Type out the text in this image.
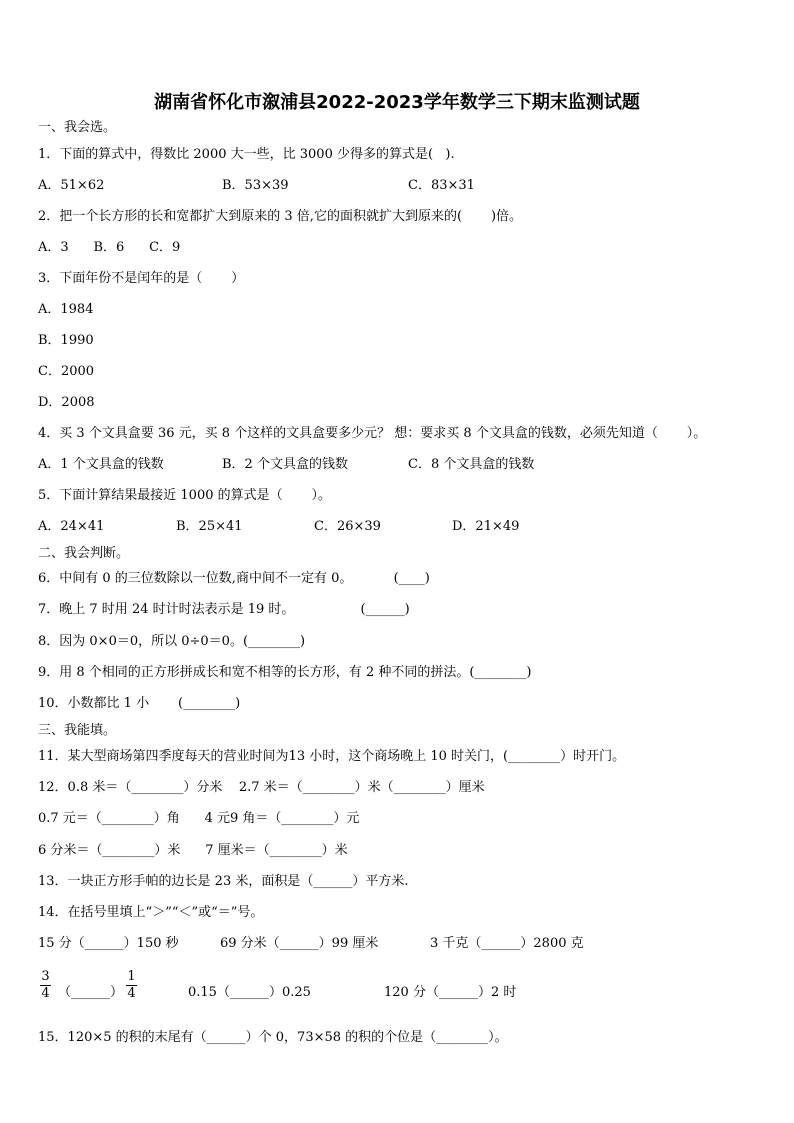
湖南省怀化市溆浦县2022-2023学年数学三下期末监测试题
一、我会选。
1．下面的算式中，得数比 2000 大一些，比 3000 少得多的算式是(   ).
A．51×62	B．53×39	C．83×31
2．把一个长方形的长和宽都扩大到原来的 3 倍,它的面积就扩大到原来的(       )倍。
A．3      B．6      C．9
3．下面年份不是闰年的是（       ）
A．1984
B．1990
C．2000
D．2008
4．买 3 个文具盒要 36 元，买 8 个这样的文具盒要多少元？ 想：要求买 8 个文具盒的钱数，必须先知道（       ）。
A．1 个文具盒的钱数	B．2 个文具盒的钱数	C．8 个文具盒的钱数
5．下面计算结果最接近 1000 的算式是（       ）。
A．24×41	B．25×41	C．26×39	D．21×49
二、我会判断。
6．中间有 0 的三位数除以一位数,商中间不一定有 0。          (____)
7．晚上 7 时用 24 时计时法表示是 19 时。                (______)
8．因为 0×0＝0，所以 0÷0＝0。(________)
9．用 8 个相同的正方形拼成长和宽不相等的长方形，有 2 种不同的拼法。(________)
10．小数都比 1 小       (________)
三、我能填。
11．某大型商场第四季度每天的营业时间为13 小时，这个商场晚上 10 时关门，(________）时开门。
12．0.8 米＝（________）分米    2.7 米＝（________）米（________）厘米
0.7 元＝（________）角      4 元9 角＝（________）元
6 分米＝（________）米      7 厘米＝（________）米
13．一块正方形手帕的边长是 23 米，面积是（______）平方米.
14．在括号里填上“＞”“＜”或“＝”号。
15 分（______）150 秒	69 分米（______）99 厘米	3 千克（______）2800 克
3
4 （______）
1
4	0.15（______）0.25	120 分（______）2 时
15．120×5 的积的末尾有（______）个 0，73×58 的积的个位是（________）。
